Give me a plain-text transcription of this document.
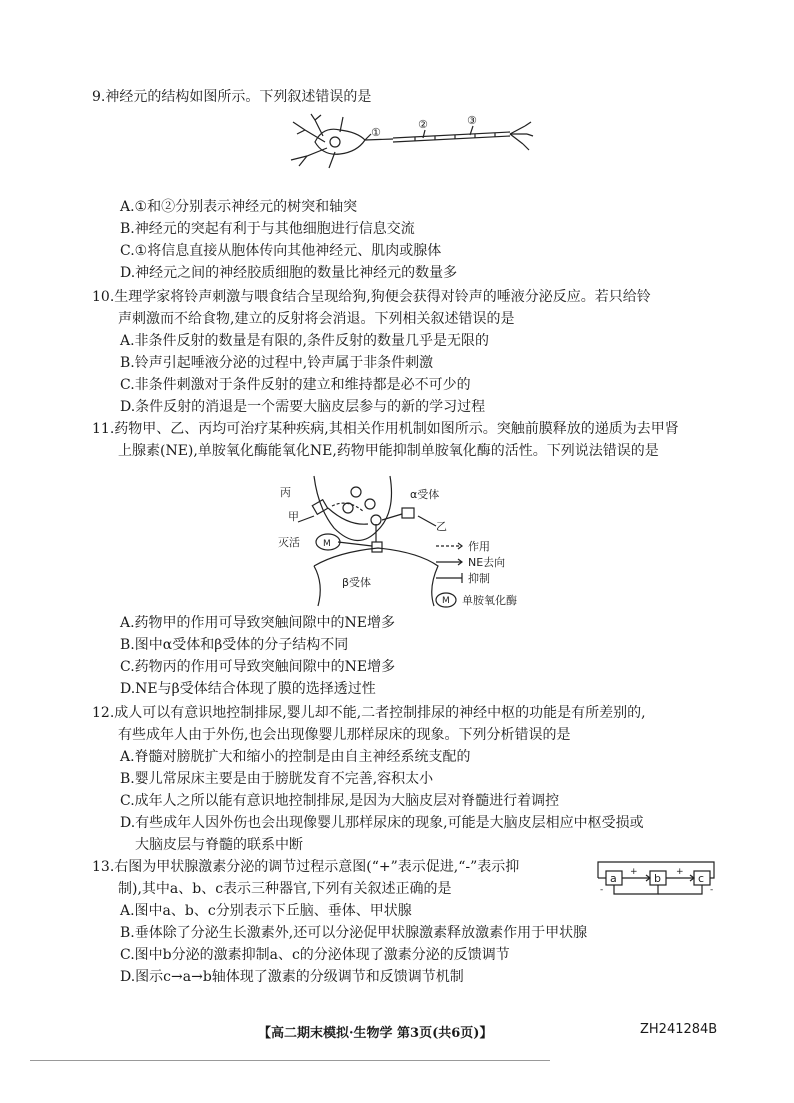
9.神经元的结构如图所示。下列叙述错误的是

①
②	③
A.①和②分别表示神经元的树突和轴突
B.神经元的突起有利于与其他细胞进行信息交流
C.①将信息直接从胞体传向其他神经元、肌肉或腺体
D.神经元之间的神经胶质细胞的数量比神经元的数量多

10.生理学家将铃声刺激与喂食结合呈现给狗,狗便会获得对铃声的唾液分泌反应。若只给铃

声刺激而不给食物,建立的反射将会消退。下列相关叙述错误的是

A.非条件反射的数量是有限的,条件反射的数量几乎是无限的
B.铃声引起唾液分泌的过程中,铃声属于非条件刺激
C.非条件刺激对于条件反射的建立和维持都是必不可少的
D.条件反射的消退是一个需要大脑皮层参与的新的学习过程

11.药物甲、乙、丙均可治疗某种疾病,其相关作用机制如图所示。突触前膜释放的递质为去甲肾

上腺素(NE),单胺氧化酶能氧化NE,药物甲能抑制单胺氧化酶的活性。下列说法错误的是

丙
甲
灭活
α受体
乙
β受体
M
M
作用
NE去向
抑制
单胺氧化酶
A.药物甲的作用可导致突触间隙中的NE增多
B.图中α受体和β受体的分子结构不同
C.药物丙的作用可导致突触间隙中的NE增多
D.NE与β受体结合体现了膜的选择透过性

12.成人可以有意识地控制排尿,婴儿却不能,二者控制排尿的神经中枢的功能是有所差别的,

有些成年人由于外伤,也会出现像婴儿那样尿床的现象。下列分析错误的是

A.脊髓对膀胱扩大和缩小的控制是由自主神经系统支配的
B.婴儿常尿床主要是由于膀胱发育不完善,容积太小
C.成年人之所以能有意识地控制排尿,是因为大脑皮层对脊髓进行着调控
D.有些成年人因外伤也会出现像婴儿那样尿床的现象,可能是大脑皮层相应中枢受损或
大脑皮层与脊髓的联系中断

13.右图为甲状腺激素分泌的调节过程示意图(“+”表示促进,“-”表示抑

制),其中a、b、c表示三种器官,下列有关叙述正确的是

a	b	c
+	+
-	-
A.图中a、b、c分别表示下丘脑、垂体、甲状腺
B.垂体除了分泌生长激素外,还可以分泌促甲状腺激素释放激素作用于甲状腺
C.图中b分泌的激素抑制a、c的分泌体现了激素分泌的反馈调节
D.图示c→a→b轴体现了激素的分级调节和反馈调节机制
【高二期末模拟·生物学 第3页(共6页)】	ZH241284B
